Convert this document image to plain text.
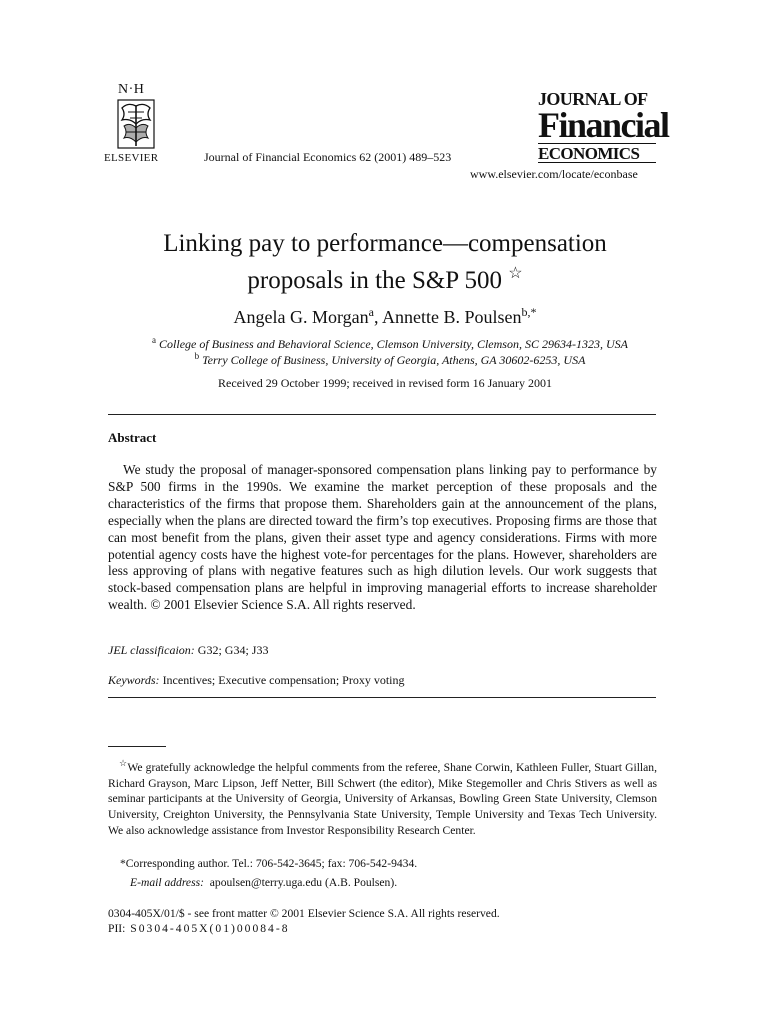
N·H
ELSEVIER	Journal of Financial Economics 62 (2001) 489–523
www.elsevier.com/locate/econbase
JOURNAL OF
Financial
ECONOMICS
Linking pay to performance—compensation
proposals in the S&P 500 ☆
Angela G. Morgan$^a$, Annette B. Poulsen$^{b,*}$
$^a$ College of Business and Behavioral Science, Clemson University, Clemson, SC 29634-1323, USA
$^b$ Terry College of Business, University of Georgia, Athens, GA 30602-6253, USA
Received 29 October 1999; received in revised form 16 January 2001
Abstract
We study the proposal of manager-sponsored compensation plans linking pay to performance by S&P 500 firms in the 1990s. We examine the market perception of these proposals and the characteristics of the firms that propose them. Shareholders gain at the announcement of the plans, especially when the plans are directed toward the firm’s top executives. Proposing firms are those that can most benefit from the plans, given their asset type and agency considerations. Firms with more potential agency costs have the highest vote-for percentages for the plans. However, shareholders are less approving of plans with negative features such as high dilution levels. Our work suggests that stock-based compensation plans are helpful in improving managerial efforts to increase shareholder wealth. © 2001 Elsevier Science S.A. All rights reserved.
JEL classificaion: G32; G34; J33
Keywords: Incentives; Executive compensation; Proxy voting
☆We gratefully acknowledge the helpful comments from the referee, Shane Corwin, Kathleen Fuller, Stuart Gillan, Richard Grayson, Marc Lipson, Jeff Netter, Bill Schwert (the editor), Mike Stegemoller and Chris Stivers as well as seminar participants at the University of Georgia, University of Arkansas, Bowling Green State University, Clemson University, Creighton University, the Pennsylvania State University, Temple University and Texas Tech University. We also acknowledge assistance from Investor Responsibility Research Center.
*Corresponding author. Tel.: 706-542-3645; fax: 706-542-9434.
E-mail address: apoulsen@terry.uga.edu (A.B. Poulsen).
0304-405X/01/$ - see front matter © 2001 Elsevier Science S.A. All rights reserved.
PII: S0304-405X(01)00084-8
